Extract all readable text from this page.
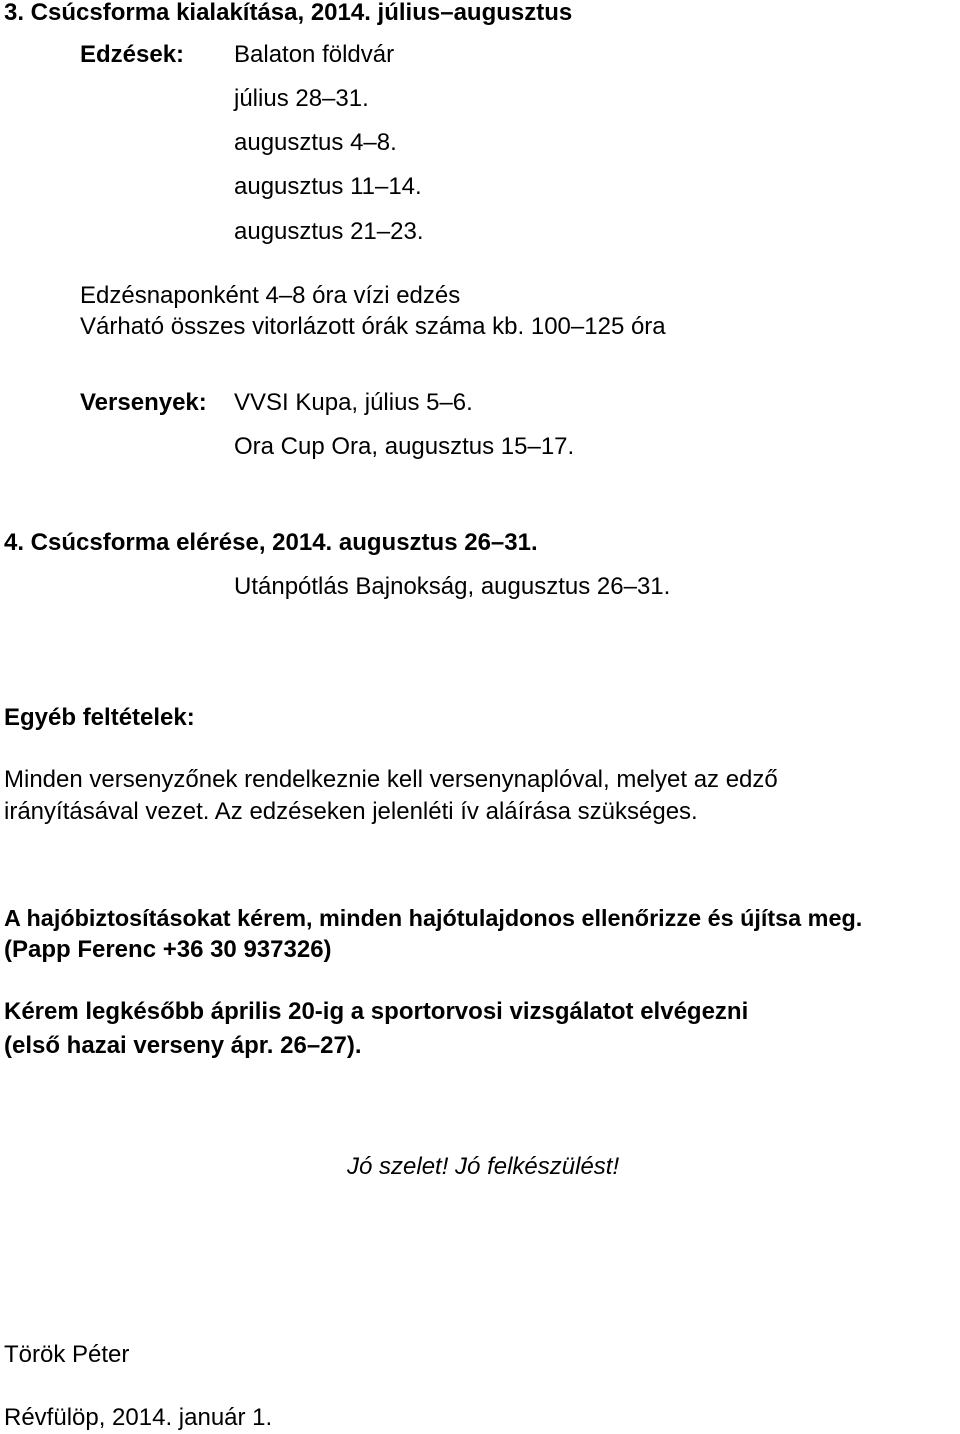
3. Csúcsforma kialakítása, 2014. július–augusztus
Edzések: Balaton földvár
július 28–31.
augusztus 4–8.
augusztus 11–14.
augusztus 21–23.
Edzésnaponként 4–8 óra vízi edzés
Várható összes vitorlázott órák száma kb. 100–125 óra
Versenyek: VVSI Kupa, július 5–6.
Ora Cup Ora, augusztus 15–17.
4. Csúcsforma elérése, 2014. augusztus 26–31.
Utánpótlás Bajnokság, augusztus 26–31.
Egyéb feltételek:
Minden versenyzőnek rendelkeznie kell versenynaplóval, melyet az edző
irányításával vezet. Az edzéseken jelenléti ív aláírása szükséges.
A hajóbiztosításokat kérem, minden hajótulajdonos ellenőrizze és újítsa meg.
(Papp Ferenc +36 30 937326)
Kérem legkésőbb április 20-ig a sportorvosi vizsgálatot elvégezni
(első hazai verseny ápr. 26–27).
Jó szelet! Jó felkészülést!
Török Péter
Révfülöp, 2014. január 1.
